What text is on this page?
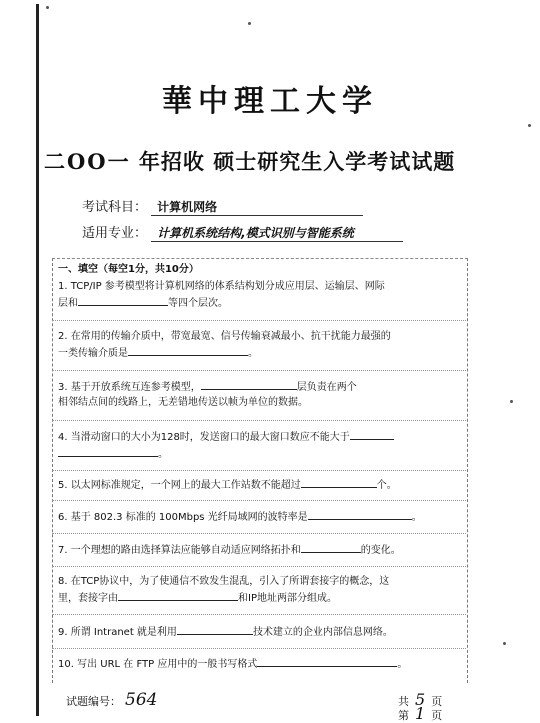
華中理工大学
二OO一 年招收 硕士研究生入学考试试题
考试科目： 计算机网络
适用专业： 计算机系统结构,模式识别与智能系统
一、填空（每空1分，共10分）
1. TCP/IP 参考模型将计算机网络的体系结构划分成应用层、运输层、网际
层和	等四个层次。
2. 在常用的传输介质中，带宽最宽、信号传输衰减最小、抗干扰能力最强的
一类传输介质是	。
3. 基于开放系统互连参考模型，	层负责在两个
相邻结点间的线路上，无差错地传送以帧为单位的数据。
4. 当滑动窗口的大小为128时，发送窗口的最大窗口数应不能大于
。
5. 以太网标准规定，一个网上的最大工作站数不能超过	个。
6. 基于 802.3 标准的 100Mbps 光纤局域网的波特率是	。
7. 一个理想的路由选择算法应能够自动适应网络拓扑和	的变化。
8. 在TCP协议中，为了使通信不致发生混乱，引入了所谓套接字的概念，这
里，套接字由	和IP地址两部分组成。
9. 所谓 Intranet 就是利用	技术建立的企业内部信息网络。
10. 写出 URL 在 FTP 应用中的一般书写格式	。
试题编号： 564	共 5 页
第 1 页
